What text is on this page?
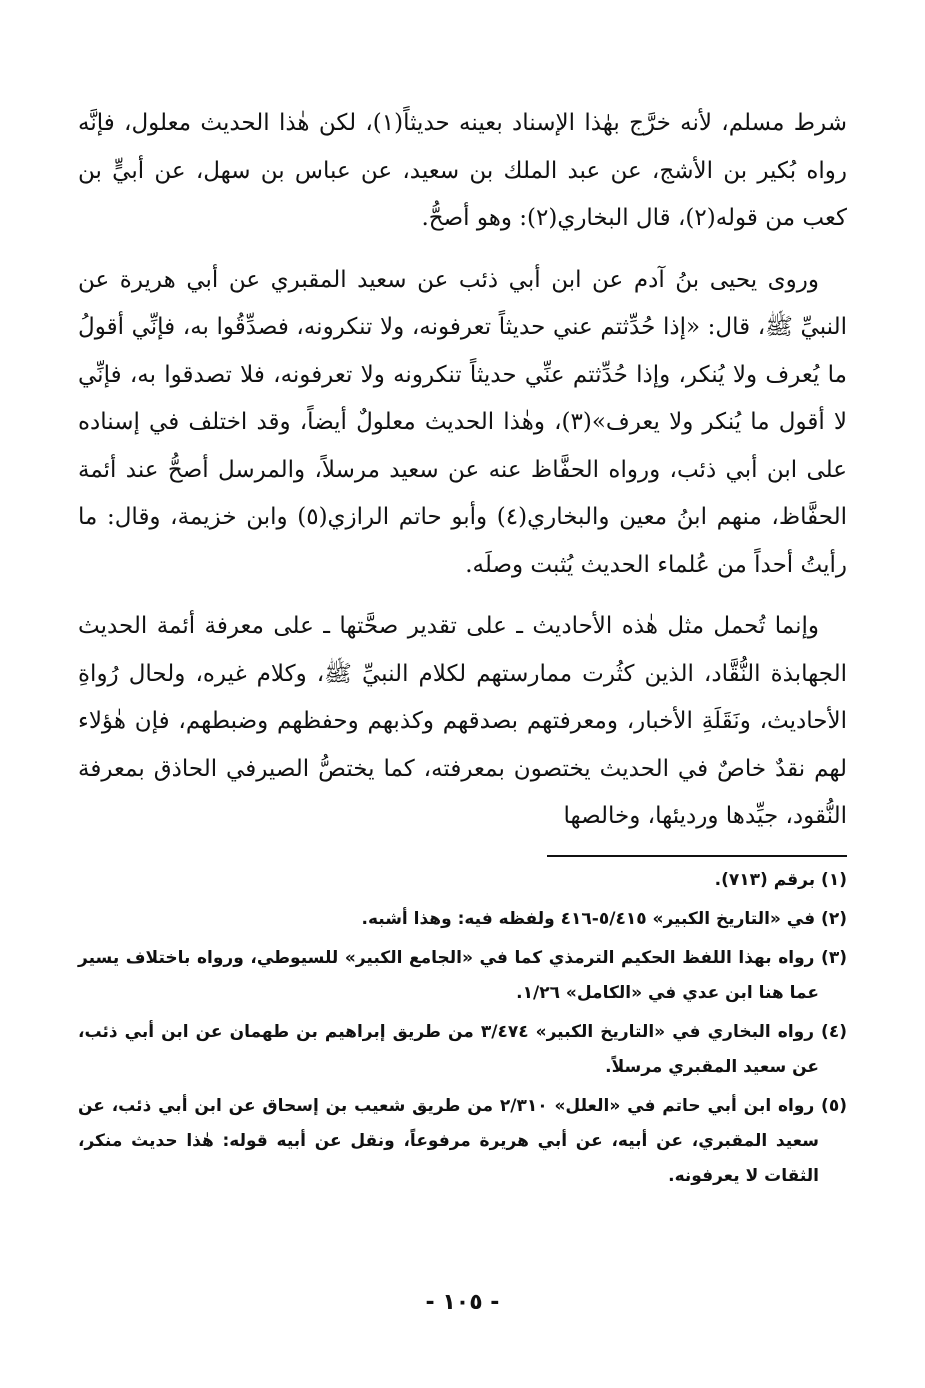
شرط مسلم، لأنه خرَّج بهٰذا الإسناد بعينه حديثاً(١)، لكن هٰذا الحديث معلول، فإنَّه رواه بُكير بن الأشج، عن عبد الملك بن سعيد، عن عباس بن سهل، عن أبيٍّ بن كعب من قوله(٢)، قال البخاري(٢): وهو أصحُّ.

وروى يحيى بنُ آدم عن ابن أبي ذئب عن سعيد المقبري عن أبي هريرة عن النبيِّ ﷺ، قال: «إذا حُدِّثتم عني حديثاً تعرفونه، ولا تنكرونه، فصدِّقُوا به، فإنِّي أقولُ ما يُعرف ولا يُنكر، وإذا حُدِّثتم عنِّي حديثاً تنكرونه ولا تعرفونه، فلا تصدقوا به، فإنِّي لا أقول ما يُنكر ولا يعرف»(٣)، وهٰذا الحديث معلولٌ أيضاً، وقد اختلف في إسناده على ابن أبي ذئب، ورواه الحفَّاظ عنه عن سعيد مرسلاً، والمرسل أصحُّ عند أئمة الحفَّاظ، منهم ابنُ معين والبخاري(٤) وأبو حاتم الرازي(٥) وابن خزيمة، وقال: ما رأيتُ أحداً من عُلماء الحديث يُثبت وصلَه.

وإنما تُحمل مثل هٰذه الأحاديث ـ على تقدير صحَّتها ـ على معرفة أئمة الحديث الجهابذة النُّقَّاد، الذين كثُرت ممارستهم لكلام النبيِّ ﷺ، وكلام غيره، ولحال رُواةِ الأحاديث، ونَقَلَةِ الأخبار، ومعرفتهم بصدقهم وكذبهم وحفظهم وضبطهم، فإن هٰؤلاء لهم نقدٌ خاصٌ في الحديث يختصون بمعرفته، كما يختصُّ الصيرفي الحاذق بمعرفة النُّقود، جيِّدها ورديئها، وخالصها

(١) برقم (٧١٣).

(٢) في «التاريخ الكبير» ٥/٤١٥-٤١٦ ولفظه فيه: وهذا أشبه.

(٣) رواه بهذا اللفظ الحكيم الترمذي كما في «الجامع الكبير» للسيوطي، ورواه باختلاف يسير عما هنا ابن عدي في «الكامل» ١/٢٦.

(٤) رواه البخاري في «التاريخ الكبير» ٣/٤٧٤ من طريق إبراهيم بن طهمان عن ابن أبي ذئب، عن سعيد المقبري مرسلاً.

(٥) رواه ابن أبي حاتم في «العلل» ٢/٣١٠ من طريق شعيب بن إسحاق عن ابن أبي ذئب، عن سعيد المقبري، عن أبيه، عن أبي هريرة مرفوعاً، ونقل عن أبيه قوله: هٰذا حديث منكر، الثقات لا يعرفونه.

- ١٠٥ -
